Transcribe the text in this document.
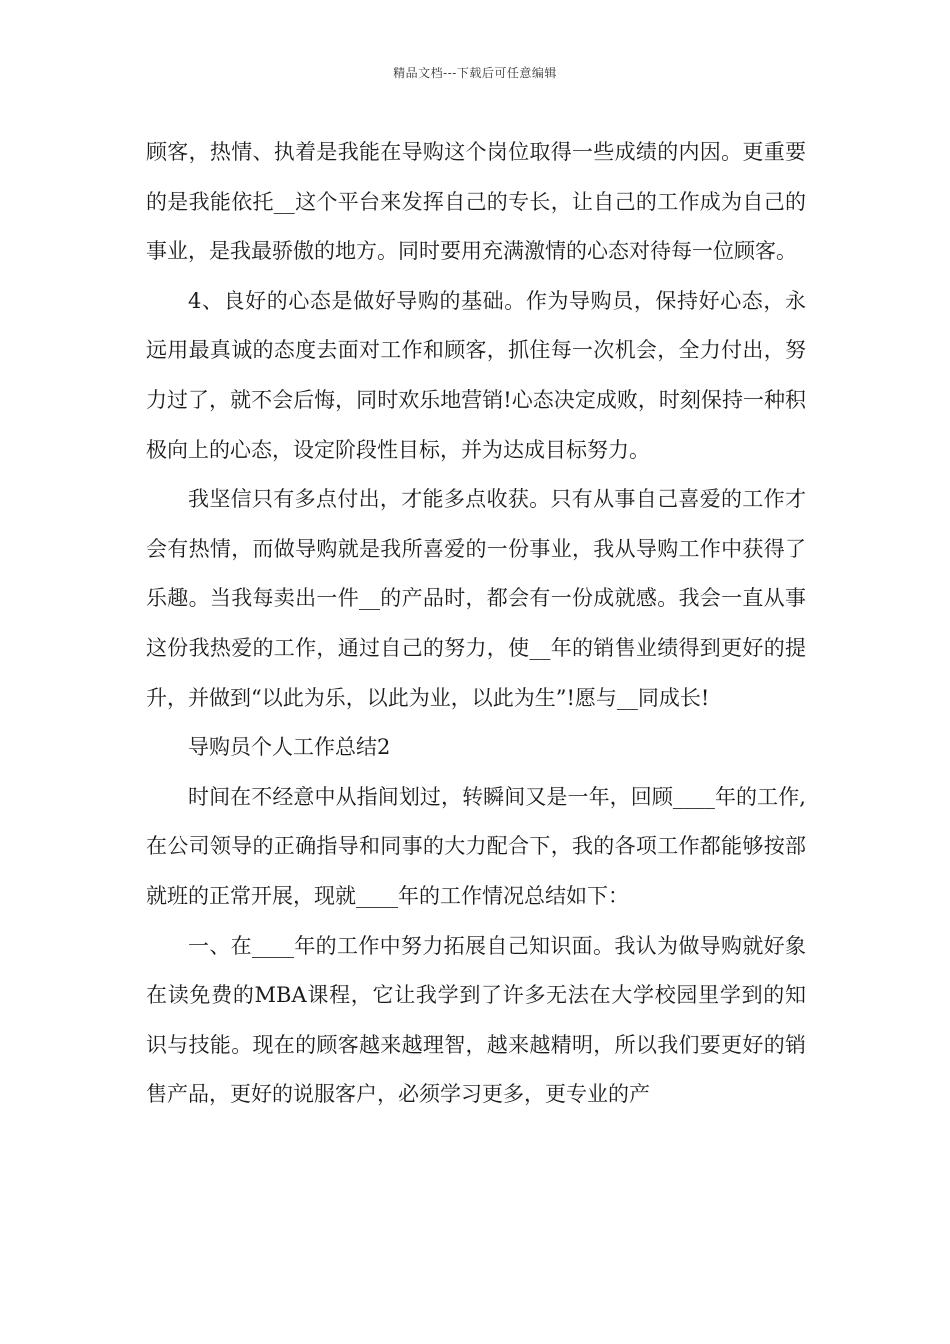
精品文档---下载后可任意编辑

顾客，热情、执着是我能在导购这个岗位取得一些成绩的内因。更重要的是我能依托__这个平台来发挥自己的专长，让自己的工作成为自己的事业，是我最骄傲的地方。同时要用充满激情的心态对待每一位顾客。

4、良好的心态是做好导购的基础。作为导购员，保持好心态，永远用最真诚的态度去面对工作和顾客，抓住每一次机会，全力付出，努力过了，就不会后悔，同时欢乐地营销!心态决定成败，时刻保持一种积极向上的心态，设定阶段性目标，并为达成目标努力。

我坚信只有多点付出，才能多点收获。只有从事自己喜爱的工作才会有热情，而做导购就是我所喜爱的一份事业，我从导购工作中获得了乐趣。当我每卖出一件__的产品时，都会有一份成就感。我会一直从事这份我热爱的工作，通过自己的努力，使__年的销售业绩得到更好的提升，并做到“以此为乐，以此为业，以此为生”!愿与__同成长!

导购员个人工作总结2

时间在不经意中从指间划过，转瞬间又是一年，回顾____年的工作,在公司领导的正确指导和同事的大力配合下，我的各项工作都能够按部就班的正常开展，现就____年的工作情况总结如下：

一、在____年的工作中努力拓展自己知识面。我认为做导购就好象在读免费的MBA课程，它让我学到了许多无法在大学校园里学到的知识与技能。现在的顾客越来越理智，越来越精明，所以我们要更好的销售产品，更好的说服客户，必须学习更多，更专业的产
